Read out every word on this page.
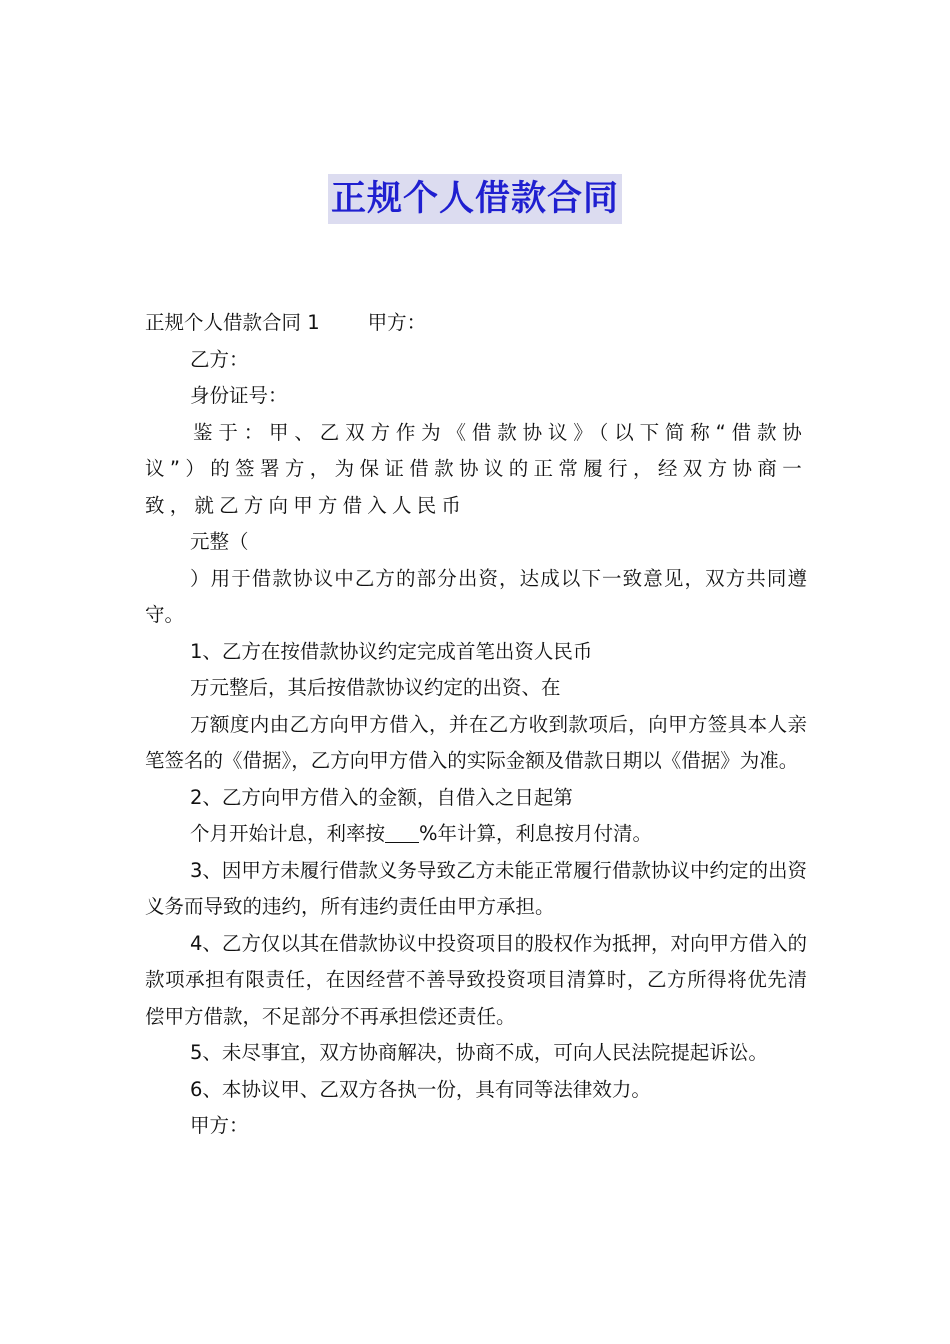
正规个人借款合同

正规个人借款合同 1 甲方：

乙方：

身份证号：

鉴于：甲、乙双方作为《借款协议》（以下简称“借款协议”）的签署方，为保证借款协议的正常履行，经双方协商一致，就乙方向甲方借入人民币

元整（

）用于借款协议中乙方的部分出资，达成以下一致意见，双方共同遵守。

1、乙方在按借款协议约定完成首笔出资人民币

万元整后，其后按借款协议约定的出资、在

万额度内由乙方向甲方借入，并在乙方收到款项后，向甲方签具本人亲笔签名的《借据》，乙方向甲方借入的实际金额及借款日期以《借据》为准。

2、乙方向甲方借入的金额，自借入之日起第

个月开始计息，利率按 %年计算，利息按月付清。

3、因甲方未履行借款义务导致乙方未能正常履行借款协议中约定的出资义务而导致的违约，所有违约责任由甲方承担。

4、乙方仅以其在借款协议中投资项目的股权作为抵押，对向甲方借入的款项承担有限责任，在因经营不善导致投资项目清算时，乙方所得将优先清偿甲方借款，不足部分不再承担偿还责任。

5、未尽事宜，双方协商解决，协商不成，可向人民法院提起诉讼。

6、本协议甲、乙双方各执一份，具有同等法律效力。

甲方：
